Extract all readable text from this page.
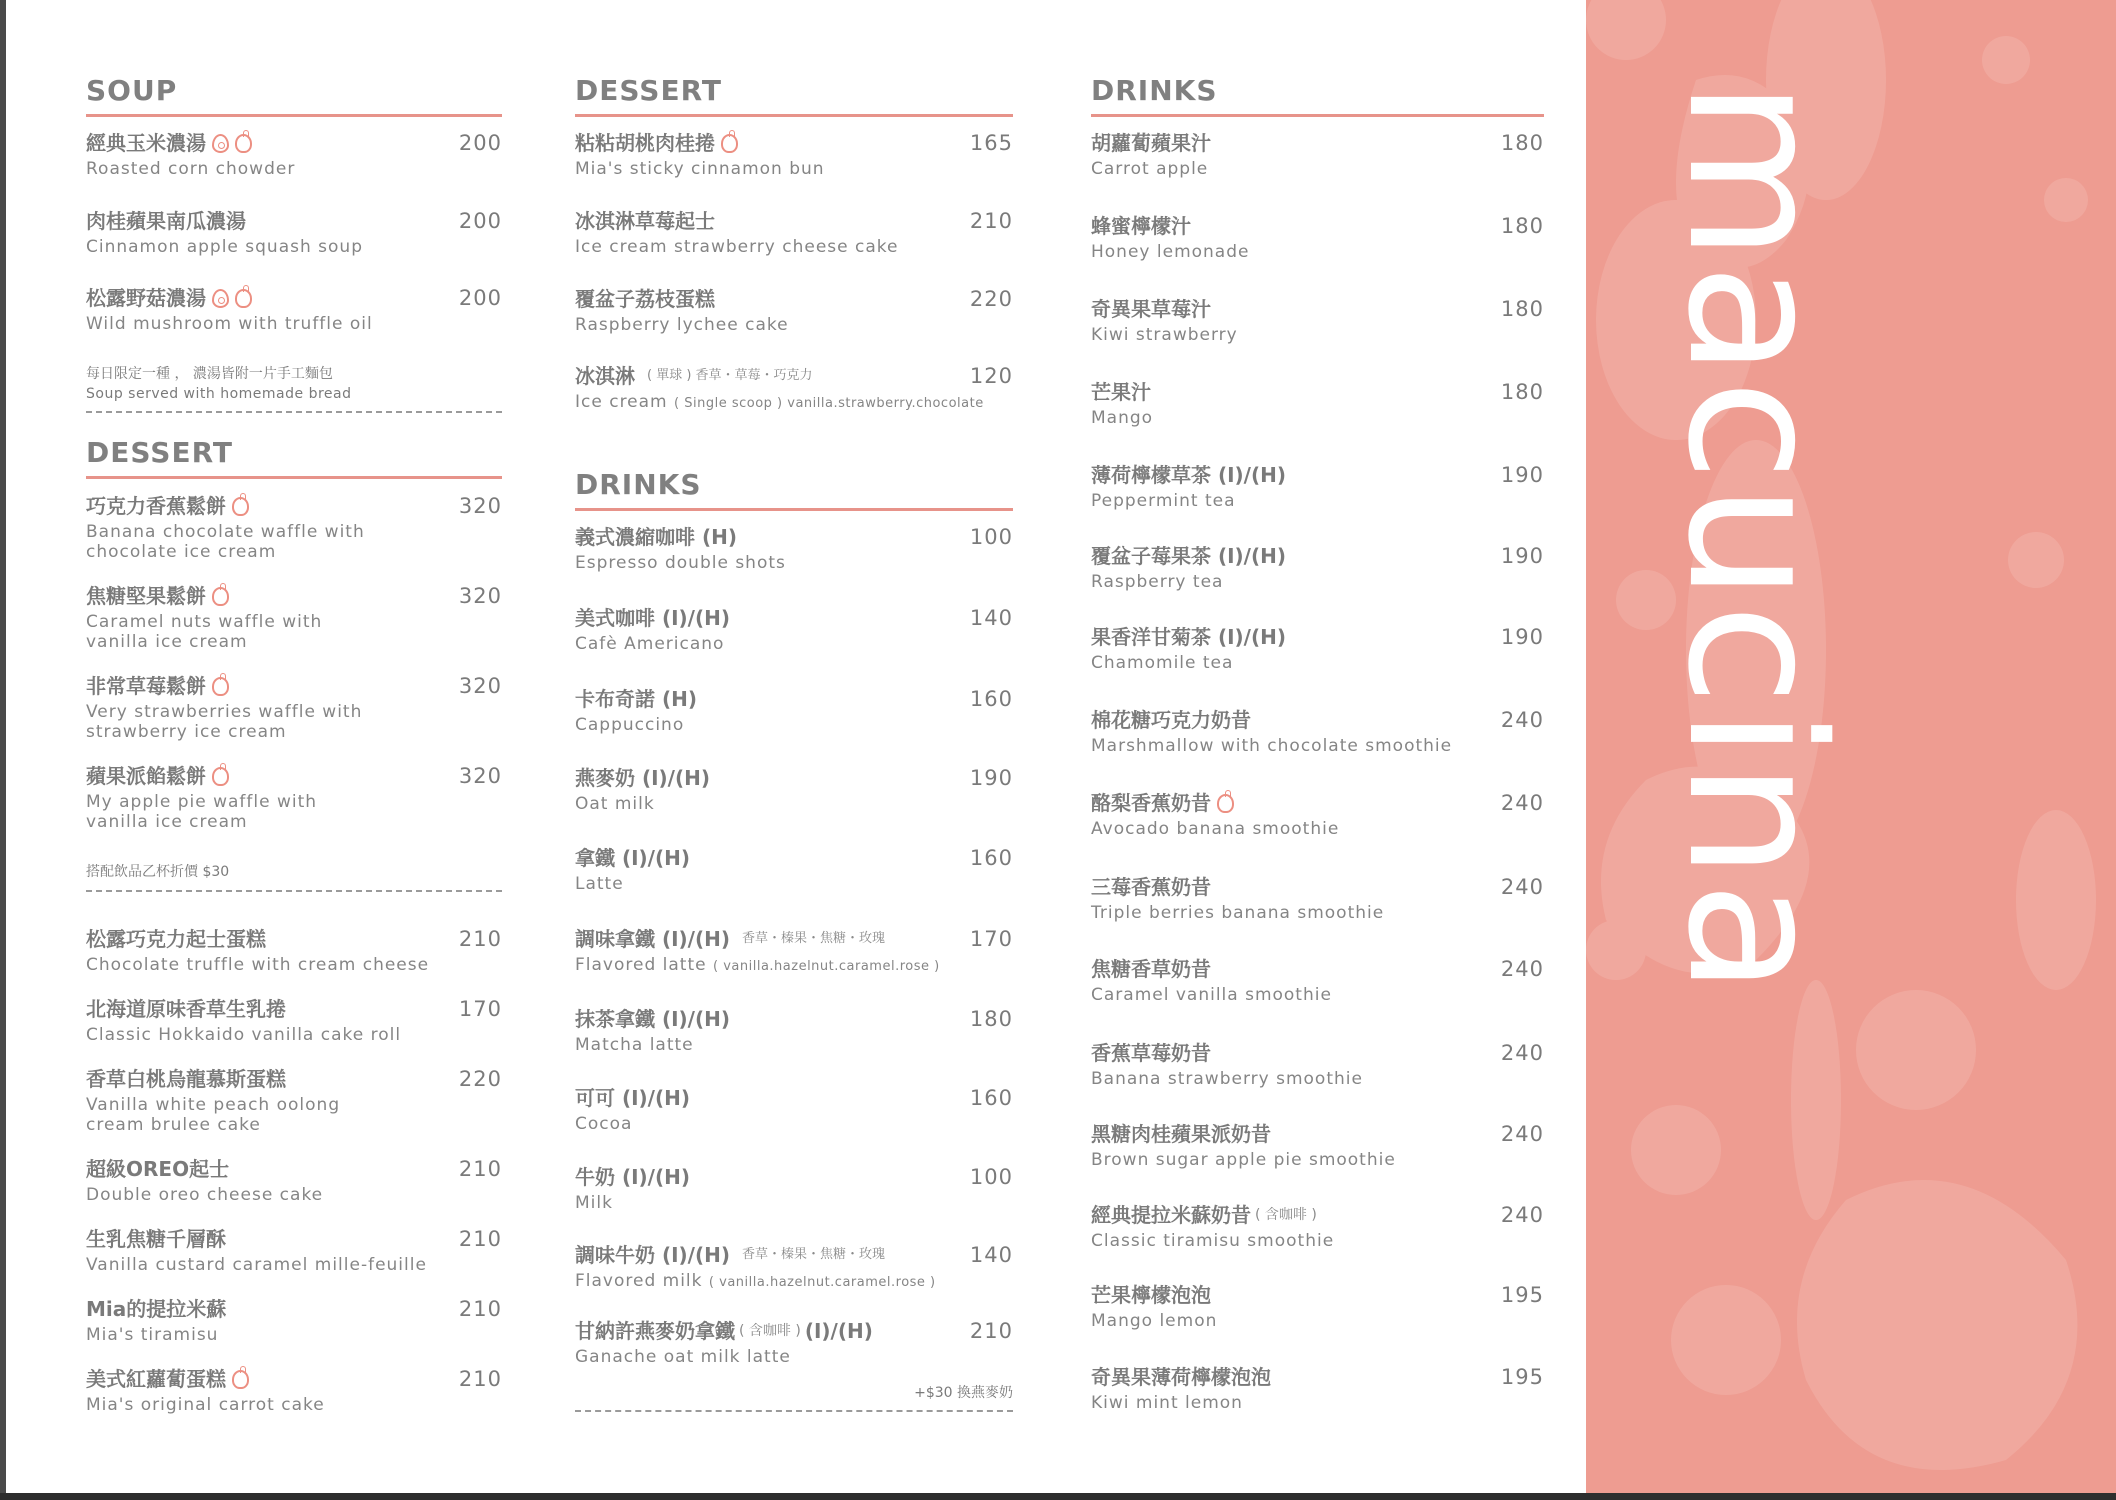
SOUP
經典玉米濃湯
Roasted corn chowder
200
肉桂蘋果南瓜濃湯
Cinnamon apple squash soup
200
松露野菇濃湯
Wild mushroom with truffle oil
200
每日限定一種 ， 濃湯皆附一片手工麵包
Soup served with homemade bread
DESSERT
巧克力香蕉鬆餅
Banana chocolate waffle with
chocolate ice cream
320
焦糖堅果鬆餅
Caramel nuts waffle with
vanilla ice cream
320
非常草莓鬆餅
Very strawberries waffle with
strawberry ice cream
320
蘋果派餡鬆餅
My apple pie waffle with
vanilla ice cream
320
搭配飲品乙杯折價 $30
松露巧克力起士蛋糕
Chocolate truffle with cream cheese
210
北海道原味香草生乳捲
Classic Hokkaido vanilla cake roll
170
香草白桃烏龍慕斯蛋糕
Vanilla white peach oolong
cream brulee cake
220
超級OREO起士
Double oreo cheese cake
210
生乳焦糖千層酥
Vanilla custard caramel mille-feuille
210
Mia的提拉米蘇
Mia's tiramisu
210
美式紅蘿蔔蛋糕
Mia's original carrot cake
210
DESSERT
粘粘胡桃肉桂捲
Mia's sticky cinnamon bun
165
冰淇淋草莓起士
Ice cream strawberry cheese cake
210
覆盆子荔枝蛋糕
Raspberry lychee cake
220
冰淇淋 ( 單球 ) 香草・草莓・巧克力
Ice cream ( Single scoop ) vanilla.strawberry.chocolate
120
DRINKS
義式濃縮咖啡 (H)
Espresso double shots
100
美式咖啡 (I)/(H)
Cafè Americano
140
卡布奇諾 (H)
Cappuccino
160
燕麥奶 (I)/(H)
Oat milk
190
拿鐵 (I)/(H)
Latte
160
調味拿鐵 (I)/(H) 香草・榛果・焦糖・玫瑰
Flavored latte ( vanilla.hazelnut.caramel.rose )
170
抹茶拿鐵 (I)/(H)
Matcha latte
180
可可 (I)/(H)
Cocoa
160
牛奶 (I)/(H)
Milk
100
調味牛奶 (I)/(H) 香草・榛果・焦糖・玫瑰
Flavored milk ( vanilla.hazelnut.caramel.rose )
140
甘納許燕麥奶拿鐵 ( 含咖啡 ) (I)/(H)
Ganache oat milk latte
210
+$30 換燕麥奶
DRINKS
胡蘿蔔蘋果汁
Carrot apple
180
蜂蜜檸檬汁
Honey lemonade
180
奇異果草莓汁
Kiwi strawberry
180
芒果汁
Mango
180
薄荷檸檬草茶 (I)/(H)
Peppermint tea
190
覆盆子莓果茶 (I)/(H)
Raspberry tea
190
果香洋甘菊茶 (I)/(H)
Chamomile tea
190
棉花糖巧克力奶昔
Marshmallow with chocolate smoothie
240
酪梨香蕉奶昔
Avocado banana smoothie
240
三莓香蕉奶昔
Triple berries banana smoothie
240
焦糖香草奶昔
Caramel vanilla smoothie
240
香蕉草莓奶昔
Banana strawberry smoothie
240
黑糖肉桂蘋果派奶昔
Brown sugar apple pie smoothie
240
經典提拉米蘇奶昔 ( 含咖啡 )
Classic tiramisu smoothie
240
芒果檸檬泡泡
Mango lemon
195
奇異果薄荷檸檬泡泡
Kiwi mint lemon
195
macucina
